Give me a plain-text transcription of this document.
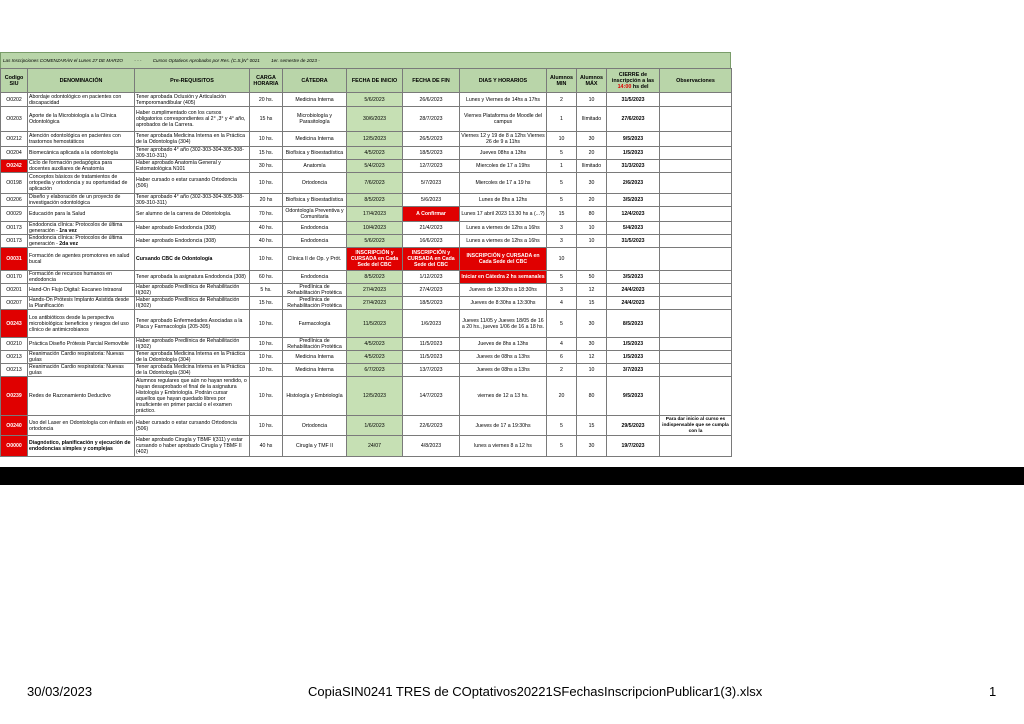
Las Inscripciones COMENZARÁN el Lunes 27 DE MARZO - - - Cursos Optativos Aprobados por Res. (C.S.)N° 0021 1er. semestre de 2023 -
Codigo SIU	DENOMINACIÓN	Pre-REQUISITOS	CARGA HORARIA	CÁTEDRA	FECHA DE INICIO	FECHA DE FIN	DIAS Y HORARIOS	Alumnos MIN	Alumnos MÁX	CIERRE de inscripción a las 14:00 hs del	Observaciones
O0202	Abordaje odontológico en pacientes con discapacidad	Tener aprobada Oclusión y Articulación Temporomandibular (405)	20 hs.	Medicina Interna	5/6/2023	26/6/2023	Lunes y Viernes de 14hs a 17hs	2	10	31/5/2023	
O0203	Aporte de la Microbiología a la Clínica Odontológica	Haber cumplimentado con los cursos obligatorios correspondientes al 2° ,3° y 4° año, aprobados de la Carrera.	15 hs	Microbiología y Parasitología	30/6/2023	28/7/2023	Viernes Plataforma de Moodle del campus	1	Ilimitado	27/6/2023	
O0212	Atención odontológica en pacientes con trastornos hemostáticos	Tener aprobada Medicina Interna en la Práctica de la Odontología (304)	10 hs.	Medicina Interna	12/5/2023	26/5/2023	Viernes 12 y 19 de 8 a 12hs Viernes 26 de 9 a 11hs	10	30	9/5/2023	
O0204	Biomecánica aplicada a la odontología	Tener aprobado 4° año (302-303-304-305-308-309-310-311)	15 hs.	Biofísica y Bioestadística	4/5/2023	18/5/2023	Jueves 08hs a 13hs	5	20	1/5/2023	
O0242	Ciclo de formación pedagógica para docentes auxiliares de Anatomía	Haber aprobado Anatomía General y Estomatológica N101	30 hs.	Anatomía	5/4/2023	12/7/2023	Miercoles de 17 a 19hs	1	Ilimitado	31/3/2023	
O0198	Conceptos básicos de tratamientos de ortopedia y ortodoncia y su oportunidad de aplicación	Haber cursado o estar cursando Ortodoncia (506)	10 hs.	Ortodoncia	7/6/2023	5/7/2023	Miercoles de 17 a 19 hs	5	30	2/6/2023	
O0206	Diseño y elaboración de un proyecto de investigación odontológica	Tener aprobado 4° año (302-303-304-305-308-309-310-311)	20 hs	Biofísica y Bioestadística	8/5/2023	5/6/2023	Lunes de 8hs a 12hs	5	20	3/5/2023	
O0029	Educación para la Salud	Ser alumno de la carrera de Odontología.	70 hs.	Odontología Preventiva y Comunitaria	17/4/2023	A Confirmar	Lunes 17 abril 2023 13.30 hs a (...?)	15	80	12/4/2023	
O0173	Endodoncia clínica: Protocolos de última generación - 1ra vez	Haber aprobado Endodoncia (308)	40 hs.	Endodoncia	10/4/2023	21/4/2023	Lunes a viernes de 12hs a 16hs	3	10	5/4/2023	
O0173	Endodoncia clínica: Protocolos de última generación - 2da vez	Haber aprobado Endodoncia (308)	40 hs.	Endodoncia	5/6/2023	16/6/2023	Lunes a viernes de 12hs a 16hs	3	10	31/5/2023	
O0031	Formación de agentes promotores en salud bucal	Cursando CBC de Odontología	10 hs.	Clínica II de Op. y Prót.	INSCRIPCIÓN y CURSADA en Cada Sede del CBC	INSCRIPCIÓN y CURSADA en Cada Sede del CBC	INSCRIPCIÓN y CURSADA en Cada Sede del CBC	10			
O0170	Formación de recursos humanos en endodoncia	Tener aprobada la asignatura Endodoncia (308)	60 hs.	Endodoncia	8/5/2023	1/12/2023	Iniciar en Cátedra 2 hs semanales	5	50	3/5/2023	
O0201	Hand-On Flujo Digital: Escaneo Intraoral	Haber aprobado Predlínica de Rehabilitación II(302)	5 hs.	Predlínica de Rehabilitación Protética	27/4/2023	27/4/2023	Jueves de 13:30hs a 18:30hs	3	12	24/4/2023	
O0207	Hands-On Prótesis Implanto Asistida desde la Planificación	Haber aprobado Predlínica de Rehabilitación II(302)	15 hs.	Predlínica de Rehabilitación Protética	27/4/2023	18/5/2023	Jueves de 8:30hs a 13:30hs	4	15	24/4/2023	
O0243	Los antibióticos desde la perspectiva microbiológica: beneficios y riesgos del uso clínico de antimicrobianos	Tener aprobado Enfermedades Asociadas a la Placa y Farmacología (205-305)	10 hs.	Farmacología	11/5/2023	1/6/2023	Jueves 11/05 y Jueves 18/05 de 16 a 20 hs., jueves 1/06 de 16 a 18 hs.	5	30	8/5/2023	
O0210	Práctica Diseño Prótesis Parcial Removible	Haber aprobado Predlínica de Rehabilitación II(302)	10 hs.	Predlínica de Rehabilitación Protética	4/5/2023	11/5/2023	Jueves de 8hs a 13hs	4	30	1/5/2023	
O0213	Reanimación Cardio respiratoria: Nuevas guías	Tener aprobada Medicina Interna en la Práctica de la Odontología (304)	10 hs.	Medicina Interna	4/5/2023	11/5/2023	Jueves de 08hs a 13hs	6	12	1/5/2023	
O0213	Reanimación Cardio respiratoria: Nuevas guías	Tener aprobada Medicina Interna en la Práctica de la Odontología (304)	10 hs.	Medicina Interna	6/7/2023	13/7/2023	Jueves de 08hs a 13hs	2	10	3/7/2023	
O0239	Redes de Razonamiento Deductivo	Alumnos regulares que aún no hayan rendido, o hayan desaprobado el final de la asignatura Histología y Embriología. Podrán cursar aquellos que hayan quedado libres por insuficiente en primer parcial o el examen práctico.	10 hs.	Histología y Embriología	12/5/2023	14/7/2023	viernes de 12 a 13 hs.	20	80	9/5/2023	
O0240	Uso del Laser en Odontología con énfasis en ortodoncia	Haber cursado o estar cursando Ortodoncia (506)	10 hs.	Ortodoncia	1/6/2023	22/6/2023	Jueves de 17 a 19:30hs	5	15	29/5/2023	Para dar inicio al curso es indispensable que se cumpla con la
O0000	Diagnóstico, planificación y ejecución de endodoncias simples y complejas	Haber aprobado Cirugía y TBMF I(311) y estar cursando o haber aprobado Cirugía y TBMF II (402)	40 hs	Cirugía y TMF II	24/07	4/8/2023	lunes a viernes 8 a 12 hs	5	30	19/7/2023	
30/03/2023	CopiaSIN0241 TRES de COptativos20221SFechasInscripcionPublicar1(3).xlsx	1
